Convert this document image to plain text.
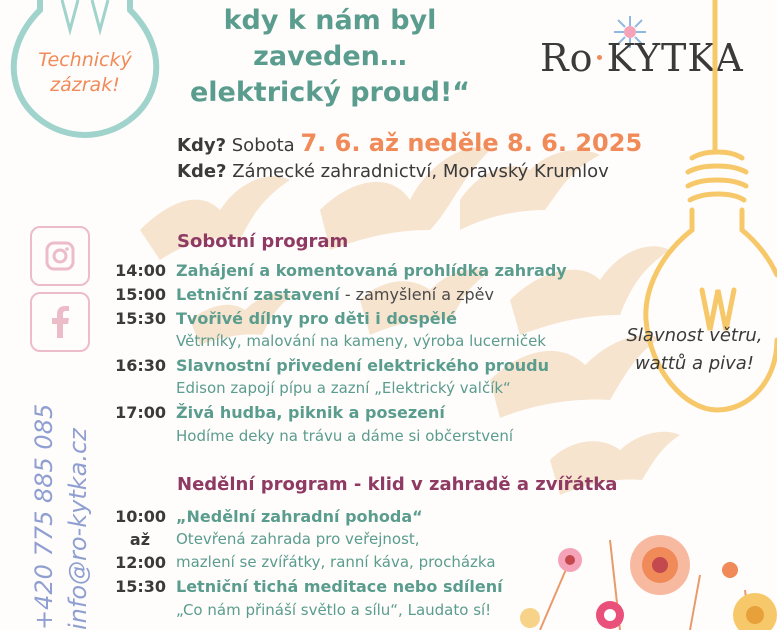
Technický
zázrak!
kdy k nám byl zaveden…
elektrický proud!“
Ro·KYTKA
Slavnost větru,
wattů a piva!
Kdy? Sobota 7. 6. až neděle 8. 6. 2025
Kde? Zámecké zahradnictví, Moravský Krumlov
+420 775 885 085 info@ro-kytka.cz
Sobotní program
14:00 Zahájení a komentovaná prohlídka zahrady
15:00 Letniční zastavení - zamyšlení a zpěv
15:30 Tvořivé dílny pro děti i dospělé
Větrníky, malování na kameny, výroba lucerniček
16:30 Slavnostní přivedení elektrického proudu
Edison zapojí pípu a zazní „Elektrický valčík“
17:00 Živá hudba, piknik a posezení
Hodíme deky na trávu a dáme si občerstvení
Nedělní program - klid v zahradě a zvířátka
10:00
až
12:00
„Nedělní zahradní pohoda“
Otevřená zahrada pro veřejnost,
mazlení se zvířátky, ranní káva, procházka
15:30 Letniční tichá meditace nebo sdílení
„Co nám přináší světlo a sílu“, Laudato sí!
